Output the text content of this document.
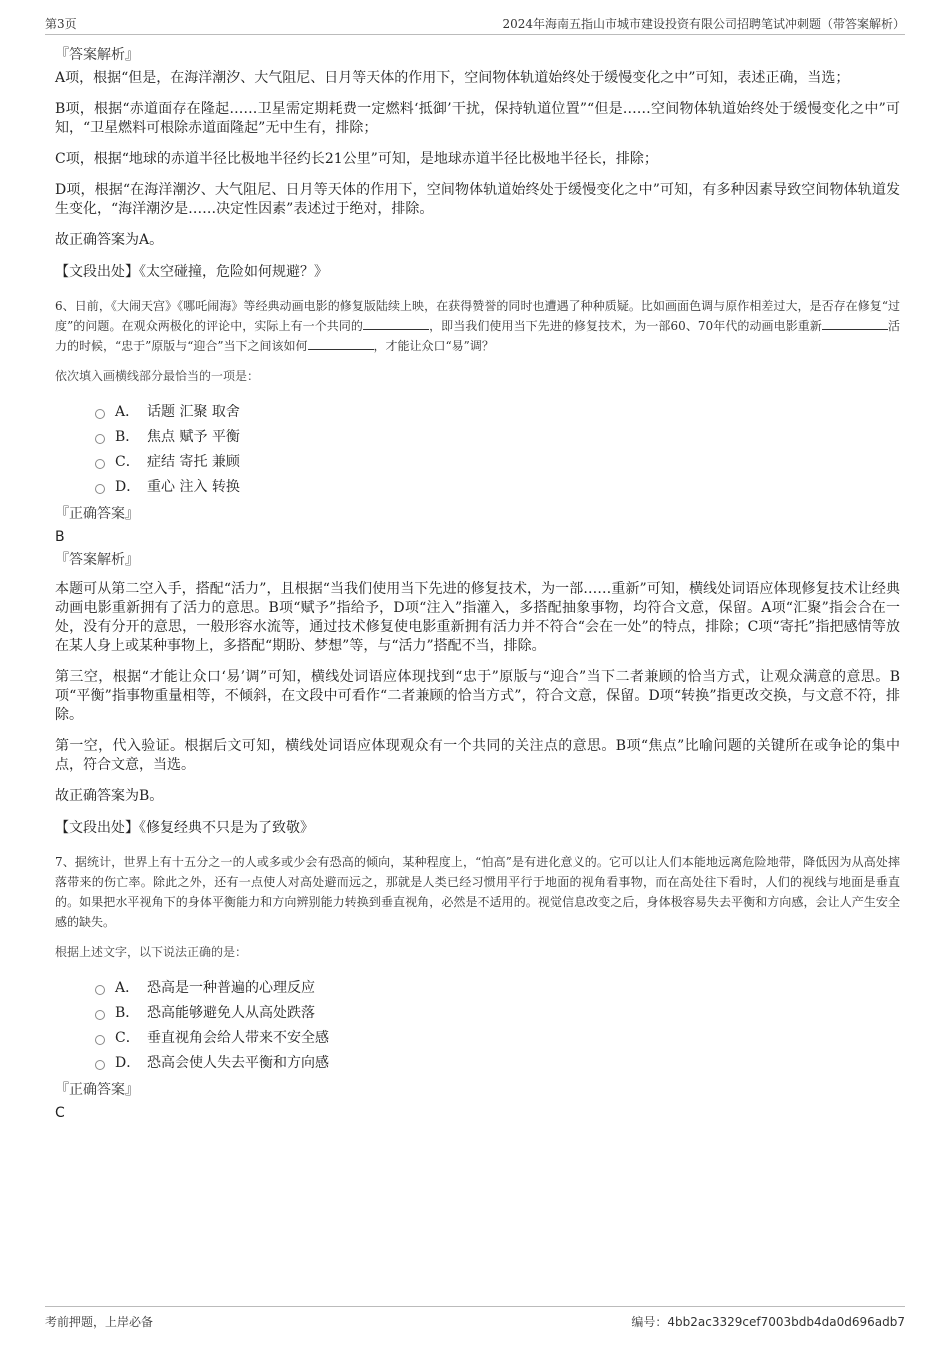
第3页	2024年海南五指山市城市建设投资有限公司招聘笔试冲刺题（带答案解析）
『答案解析』

A项，根据“但是，在海洋潮汐、大气阻尼、日月等天体的作用下，空间物体轨道始终处于缓慢变化之中”可知，表述正确，当选；

B项，根据“赤道面存在隆起……卫星需定期耗费一定燃料‘抵御’干扰，保持轨道位置”“但是……空间物体轨道始终处于缓慢变化之中”可知，“卫星燃料可根除赤道面隆起”无中生有，排除；

C项，根据“地球的赤道半径比极地半径约长21公里”可知，是地球赤道半径比极地半径长，排除；

D项，根据“在海洋潮汐、大气阻尼、日月等天体的作用下，空间物体轨道始终处于缓慢变化之中”可知，有多种因素导致空间物体轨道发生变化，“海洋潮汐是……决定性因素”表述过于绝对，排除。

故正确答案为A。

【文段出处】《太空碰撞，危险如何规避？》

6、日前，《大闹天宫》《哪吒闹海》等经典动画电影的修复版陆续上映，在获得赞誉的同时也遭遇了种种质疑。比如画面色调与原作相差过大，是否存在修复“过度”的问题。在观众两极化的评论中，实际上有一个共同的	，即当我们使用当下先进的修复技术，为一部60、70年代的动画电影重新	活力的时候，“忠于”原版与“迎合”当下之间该如何	，才能让众口“易”调？

依次填入画横线部分最恰当的一项是：

A． 话题 汇聚 取舍
B． 焦点 赋予 平衡
C． 症结 寄托 兼顾
D． 重心 注入 转换
『正确答案』
B
『答案解析』

本题可从第二空入手，搭配“活力”，且根据“当我们使用当下先进的修复技术，为一部……重新”可知，横线处词语应体现修复技术让经典动画电影重新拥有了活力的意思。B项“赋予”指给予，D项“注入”指灌入，多搭配抽象事物，均符合文意，保留。A项“汇聚”指会合在一处，没有分开的意思，一般形容水流等，通过技术修复使电影重新拥有活力并不符合“会在一处”的特点，排除；C项“寄托”指把感情等放在某人身上或某种事物上，多搭配“期盼、梦想”等，与“活力”搭配不当，排除。

第三空，根据“才能让众口‘易’调”可知，横线处词语应体现找到“忠于”原版与“迎合”当下二者兼顾的恰当方式，让观众满意的意思。B项“平衡”指事物重量相等，不倾斜，在文段中可看作“二者兼顾的恰当方式”，符合文意，保留。D项“转换”指更改交换，与文意不符，排除。

第一空，代入验证。根据后文可知，横线处词语应体现观众有一个共同的关注点的意思。B项“焦点”比喻问题的关键所在或争论的集中点，符合文意，当选。

故正确答案为B。

【文段出处】《修复经典不只是为了致敬》

7、据统计，世界上有十五分之一的人或多或少会有恐高的倾向，某种程度上，“怕高”是有进化意义的。它可以让人们本能地远离危险地带，降低因为从高处摔落带来的伤亡率。除此之外，还有一点使人对高处避而远之，那就是人类已经习惯用平行于地面的视角看事物，而在高处往下看时，人们的视线与地面是垂直的。如果把水平视角下的身体平衡能力和方向辨别能力转换到垂直视角，必然是不适用的。视觉信息改变之后，身体极容易失去平衡和方向感，会让人产生安全感的缺失。

根据上述文字，以下说法正确的是：

A． 恐高是一种普遍的心理反应
B． 恐高能够避免人从高处跌落
C． 垂直视角会给人带来不安全感
D． 恐高会使人失去平衡和方向感
『正确答案』
C
考前押题，上岸必备	编号：4bb2ac3329cef7003bdb4da0d696adb7
